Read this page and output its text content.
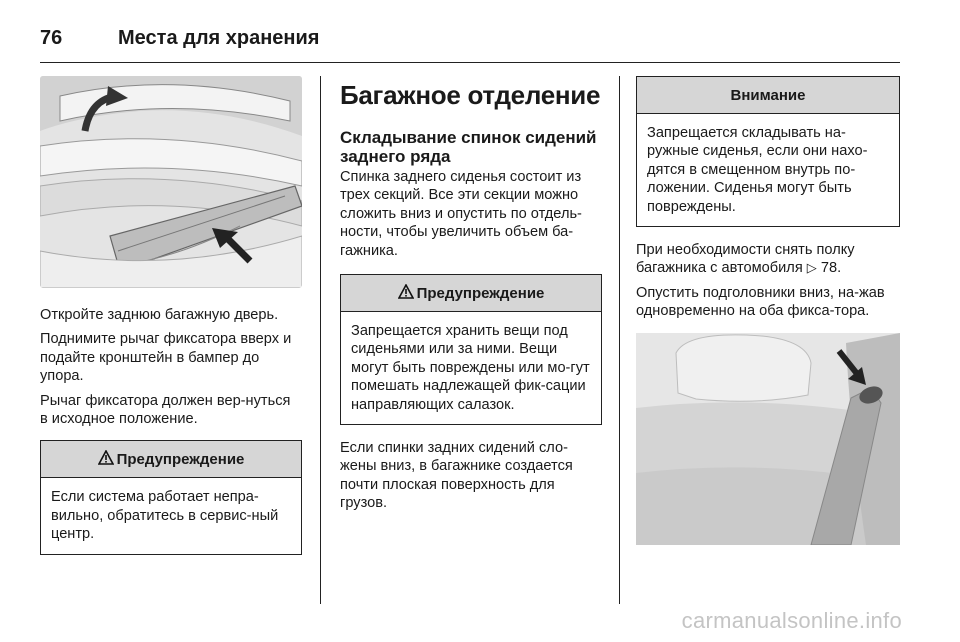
76	Места для хранения

Откройте заднюю багажную дверь.

Поднимите рычаг фиксатора вверх и подайте кронштейн в бампер до упора.

Рычаг фиксатора должен вер-нуться в исходное положение.

Предупреждение

Если система работает непра-вильно, обратитесь в сервис-ный центр.

Багажное отделение
Складывание спинок сидений заднего ряда

Спинка заднего сиденья состоит из трех секций. Все эти секции можно сложить вниз и опустить по отдель-ности, чтобы увеличить объем ба-гажника.

Предупреждение

Запрещается хранить вещи под сиденьями или за ними. Вещи могут быть повреждены или мо-гут помешать надлежащей фик-сации направляющих салазок.

Если спинки задних сидений сло-жены вниз, в багажнике создается почти плоская поверхность для грузов.

Внимание

Запрещается складывать на-ружные сиденья, если они нахо-дятся в смещенном внутрь по-ложении. Сиденья могут быть повреждены.

При необходимости снять полку багажника с автомобиля ▷ 78.

Опустить подголовники вниз, на-жав одновременно на оба фикса-тора.

carmanualsonline.info
